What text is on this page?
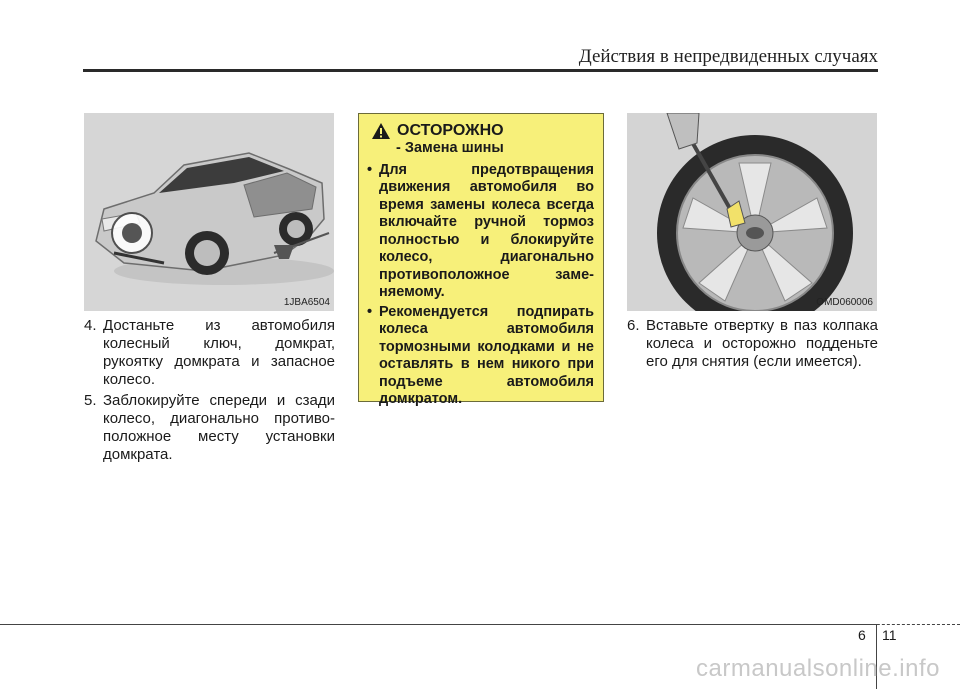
Действия в непредвиденных случаях
1JBA6504
4. Достаньте из автомобиля колесный ключ, домкрат, рукоятку домкрата и запасное колесо.
5. Заблокируйте спереди и сзади колесо, диагонально противо-положное месту установки домкрата.
ОСТОРОЖНО
- Замена шины
• Для предотвращения движения автомобиля во время замены колеса всегда включайте ручной тормоз полностью и блокируйте колесо, диагонально противоположное заме-няемому.
• Рекомендуется подпирать колеса автомобиля тормозными колодками и не оставлять в нем никого при подъеме автомобиля домкратом.
OMD060006
6. Вставьте отвертку в паз колпака колеса и осторожно подденьте его для снятия (если имеется).
6 11
carmanualsonline.info
